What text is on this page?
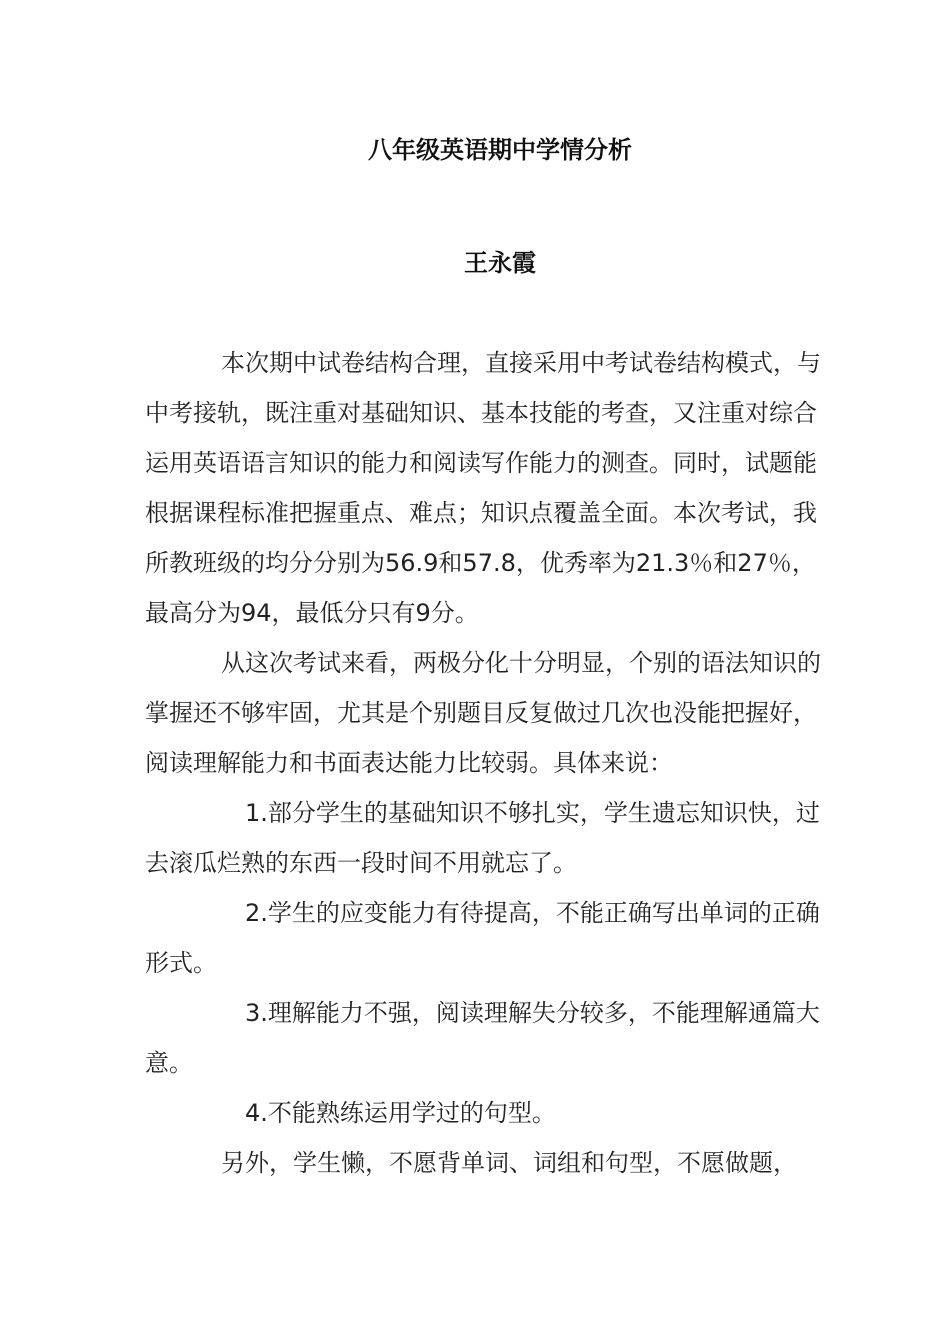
八年级英语期中学情分析
王永霞

本次期中试卷结构合理，直接采用中考试卷结构模式，与中考接轨，既注重对基础知识、基本技能的考查，又注重对综合运用英语语言知识的能力和阅读写作能力的测查。同时，试题能根据课程标准把握重点、难点；知识点覆盖全面。本次考试，我所教班级的均分分别为56.9和57.8，优秀率为21.3％和27％，最高分为94，最低分只有9分。

从这次考试来看，两极分化十分明显，个别的语法知识的掌握还不够牢固，尤其是个别题目反复做过几次也没能把握好，阅读理解能力和书面表达能力比较弱。具体来说：

1.部分学生的基础知识不够扎实，学生遗忘知识快，过去滚瓜烂熟的东西一段时间不用就忘了。

2.学生的应变能力有待提高，不能正确写出单词的正确形式。

3.理解能力不强，阅读理解失分较多，不能理解通篇大意。

4.不能熟练运用学过的句型。

另外，学生懒，不愿背单词、词组和句型，不愿做题，
